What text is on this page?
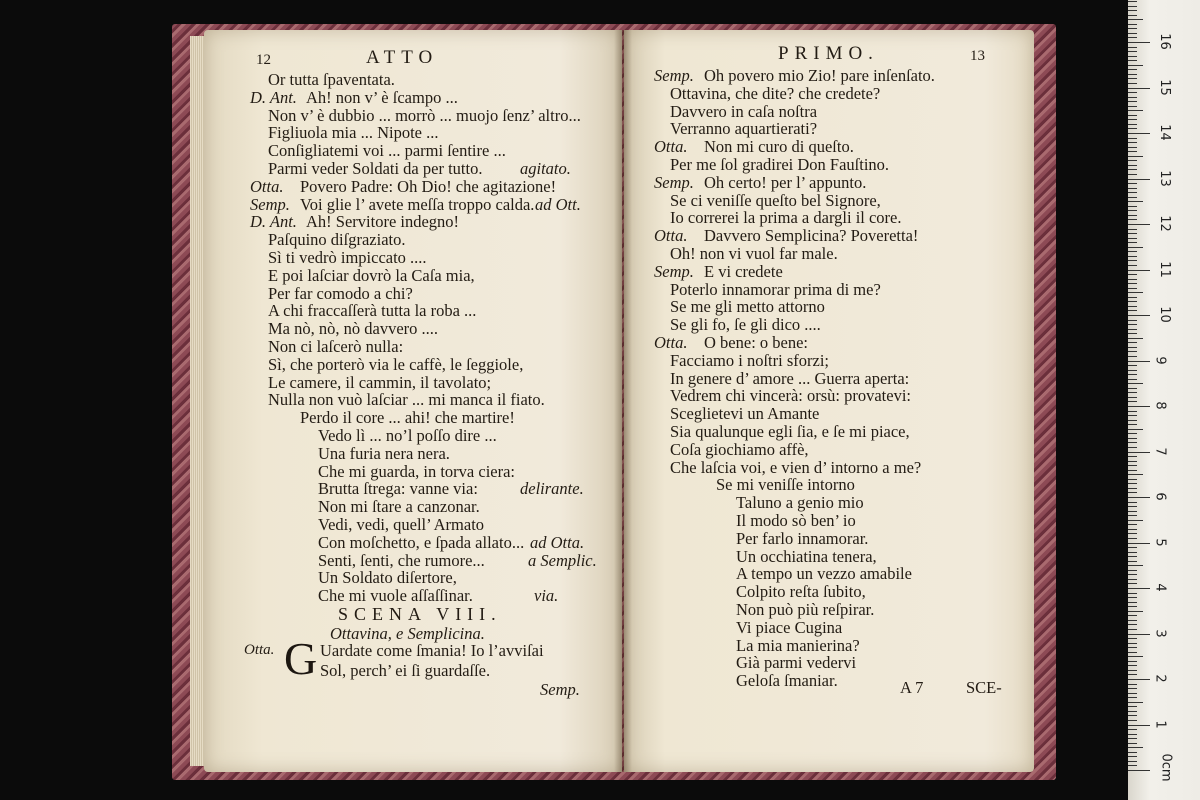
12	ATTO
Or tutta ſpaventata.
D. Ant. Ah! non v’ è ſcampo ...
Non v’ è dubbio ... morrò ... muojo ſenz’ altro...
Figliuola mia ... Nipote ...
Conſigliatemi voi ... parmi ſentire ...
Parmi veder Soldati da per tutto. agitato.
Otta. Povero Padre: Oh Dio! che agitazione!
Semp. Voi glie l’ avete meſſa troppo calda. ad Ott.
D. Ant. Ah! Servitore indegno!
Paſquino diſgraziato.
Sì ti vedrò impiccato ....
E poi laſciar dovrò la Caſa mia,
Per far comodo a chi?
A chi fraccaſſerà tutta la roba ...
Ma nò, nò, nò davvero ....
Non ci laſcerò nulla:
Sì, che porterò via le caffè, le ſeggiole,
Le camere, il cammin, il tavolato;
Nulla non vuò laſciar ... mi manca il fiato.
Perdo il core ... ahi! che martire!
Vedo lì ... no’l poſſo dire ...
Una furia nera nera.
Che mi guarda, in torva ciera:
Brutta ſtrega: vanne via:	delirante.
Non mi ſtare a canzonar.
Vedi, vedi, quell’ Armato
Con moſchetto, e ſpada allato... ad Otta.
Senti, ſenti, che rumore...	a Semplic.
Un Soldato diſertore,
Che mi vuole aſſaſſinar.	via.
SCENA VIII.
Ottavina, e Semplicina.
Otta. G Uardate come ſmania! Io l’avviſai
Sol, perch’ ei ſi guardaſſe.
Semp.
PRIMO.	13
Semp. Oh povero mio Zio! pare inſenſato.
Ottavina, che dite? che credete?
Davvero in caſa noſtra
Verranno aquartierati?
Otta. Non mi curo di queſto.
Per me ſol gradirei Don Fauſtino.
Semp. Oh certo! per l’ appunto.
Se ci veniſſe queſto bel Signore,
Io correrei la prima a dargli il core.
Otta. Davvero Semplicina? Poveretta!
Oh! non vi vuol far male.
Semp. E vi credete
Poterlo innamorar prima di me?
Se me gli metto attorno
Se gli fo, ſe gli dico ....
Otta. O bene: o bene:
Facciamo i noſtri sforzi;
In genere d’ amore ... Guerra aperta:
Vedrem chi vincerà: orsù: provatevi:
Sceglietevi un Amante
Sia qualunque egli ſia, e ſe mi piace,
Coſa giochiamo affè,
Che laſcia voi, e vien d’ intorno a me?
Se mi veniſſe intorno
Taluno a genio mio
Il modo sò ben’ io
Per farlo innamorar.
Un occhiatina tenera,
A tempo un vezzo amabile
Colpito reſta ſubito,
Non può più reſpirar.
Vi piace Cugina
La mia manierina?
Già parmi vedervi
Geloſa ſmaniar.	A 7	SCE-
1
2
3
4
5
6
7
8
9
10
11
12
13
14
15
16
0cm
